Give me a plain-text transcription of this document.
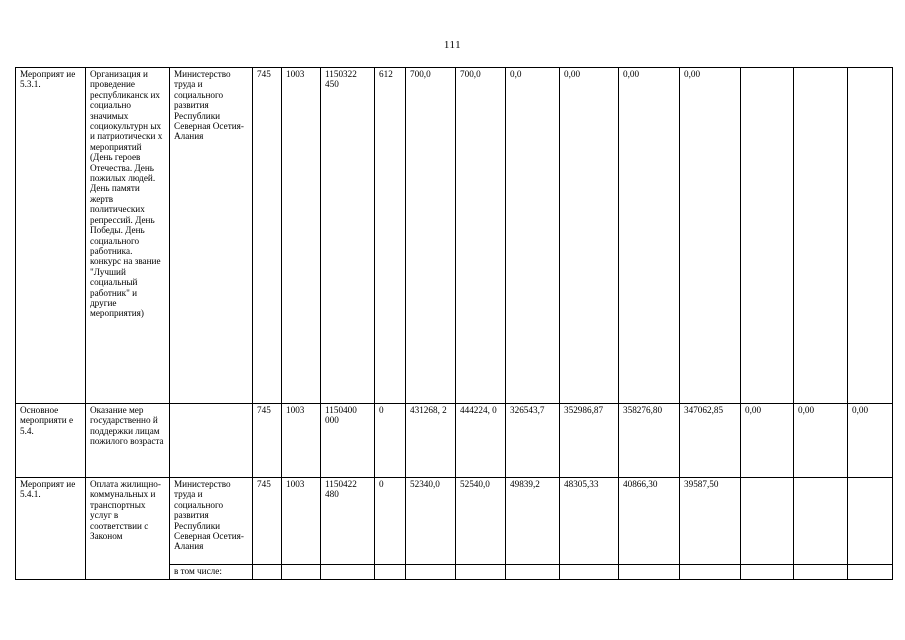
111
Мероприят ие 5.3.1.	Организация и проведение республиканск их социально значимых социокультурн ых и патриотически х мероприятий (День героев Отечества. День пожилых людей. День памяти жертв политических репрессий. День Победы. День социального работника. конкурс на звание "Лучший социальный работник" и другие мероприятия)	Министерство труда и социального развития Республики Северная Осетия-Алания	745	1003	1150322 450	612	700,0	700,0	0,0	0,00	0,00	0,00			
Основное мероприяти е 5.4.	Оказание мер государственно й поддержки лицам пожилого возраста		745	1003	1150400 000	0	431268, 2	444224, 0	326543,7	352986,87	358276,80	347062,85	0,00	0,00	0,00
Мероприят ие 5.4.1.	Оплата жилищно-коммунальных и транспортных услуг в соответствии с Законом	Министерство труда и социального развития Республики Северная Осетия-Алания	745	1003	1150422 480	0	52340,0	52540,0	49839,2	48305,33	40866,30	39587,50			
		в том числе:													
